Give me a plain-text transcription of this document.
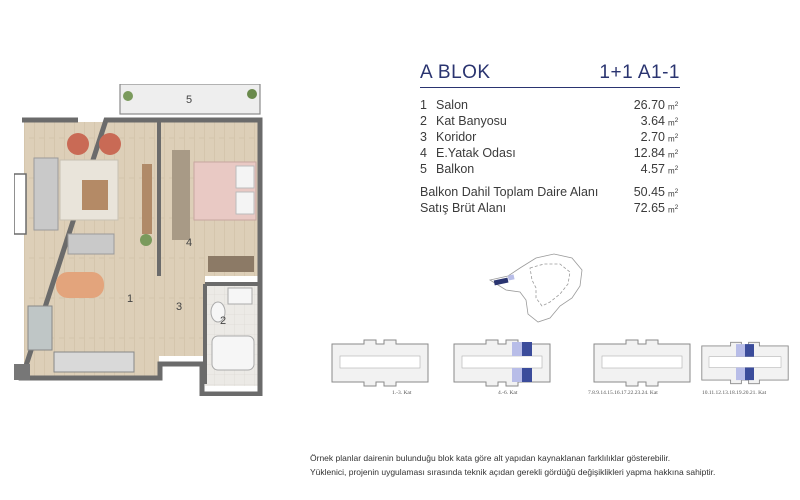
1
2
3
4
5
A BLOK	1+1 A1-1
1 Salon	26.70 $m^2$
2 Kat Banyosu	3.64 $m^2$
3 Koridor	2.70 $m^2$
4 E.Yatak Odası	12.84 $m^2$
5 Balkon	4.57 $m^2$
Balkon Dahil Toplam Daire Alanı	50.45 $m^2$
Satış Brüt Alanı	72.65 $m^2$
1.-3. Kat	4.-6. Kat	7.8.9.14.15.16.17.22.23.24. Kat	10.11.12.13.18.19.20.21. Kat
Örnek planlar dairenin bulunduğu blok kata göre alt yapıdan kaynaklanan farklılıklar gösterebilir.
Yüklenici, projenin uygulaması sırasında teknik açıdan gerekli gördüğü değişiklikleri yapma hakkına sahiptir.
